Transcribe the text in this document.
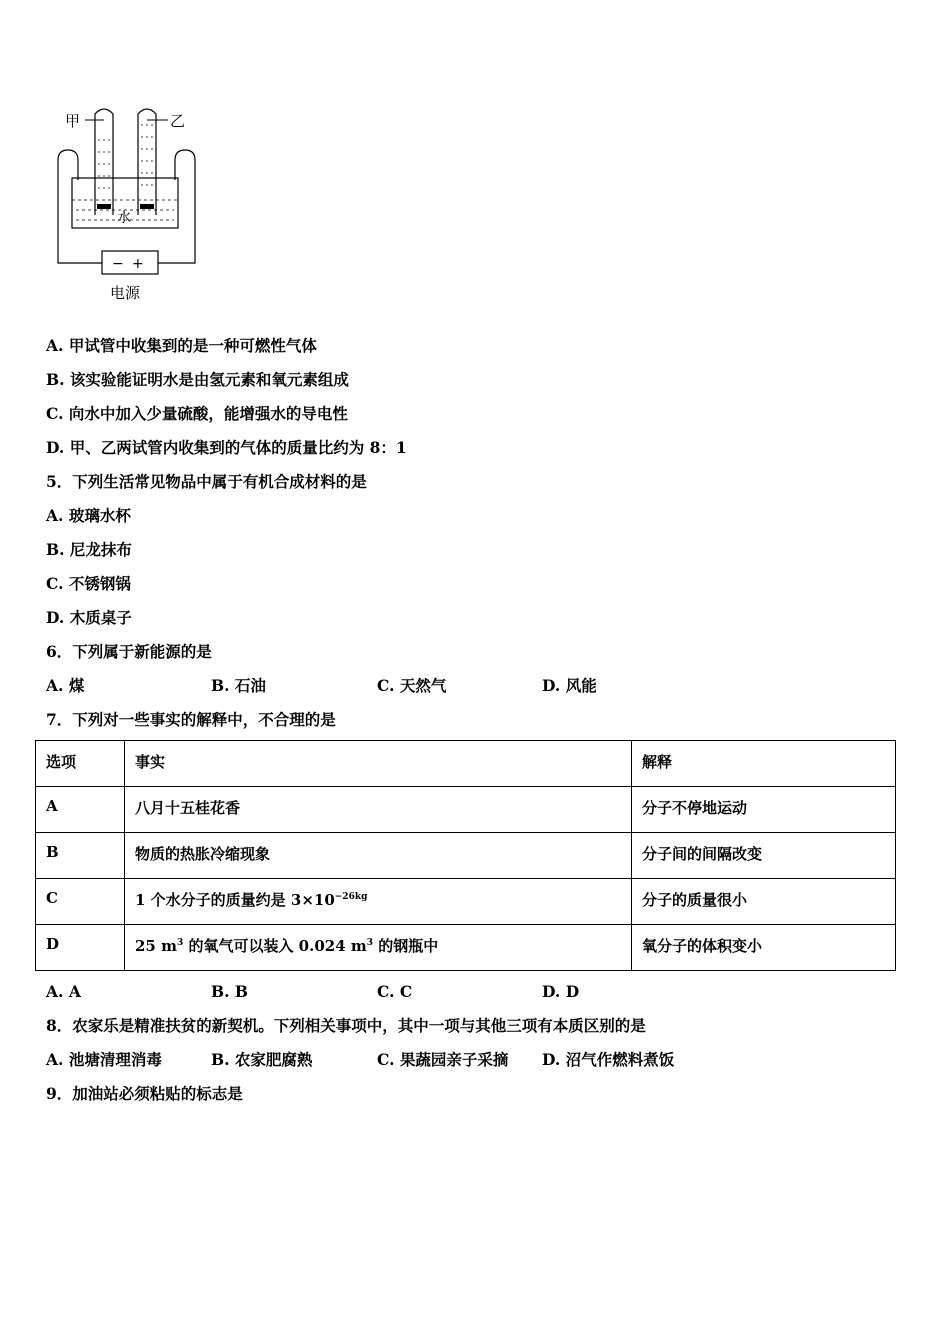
甲	乙
水
− +
电源
A. 甲试管中收集到的是一种可燃性气体
B. 该实验能证明水是由氢元素和氧元素组成
C. 向水中加入少量硫酸，能增强水的导电性
D. 甲、乙两试管内收集到的气体的质量比约为 8：1
5．下列生活常见物品中属于有机合成材料的是
A. 玻璃水杯
B. 尼龙抹布
C. 不锈钢锅
D. 木质桌子
6．下列属于新能源的是
A. 煤	B. 石油	C. 天然气	D. 风能
7．下列对一些事实的解释中，不合理的是
选项	事实	解释
A	八月十五桂花香	分子不停地运动
B	物质的热胀冷缩现象	分子间的间隔改变
C	1 个水分子的质量约是 $3\times 10^{-26kg}$	分子的质量很小
D	25 $m^3$ 的氧气可以装入 0.024 $m^3$ 的钢瓶中	氧分子的体积变小
A. A	B. B	C. C	D. D
8．农家乐是精准扶贫的新契机。下列相关事项中，其中一项与其他三项有本质区别的是
A. 池塘清理消毒	B. 农家肥腐熟	C. 果蔬园亲子采摘 D. 沼气作燃料煮饭
9．加油站必须粘贴的标志是
